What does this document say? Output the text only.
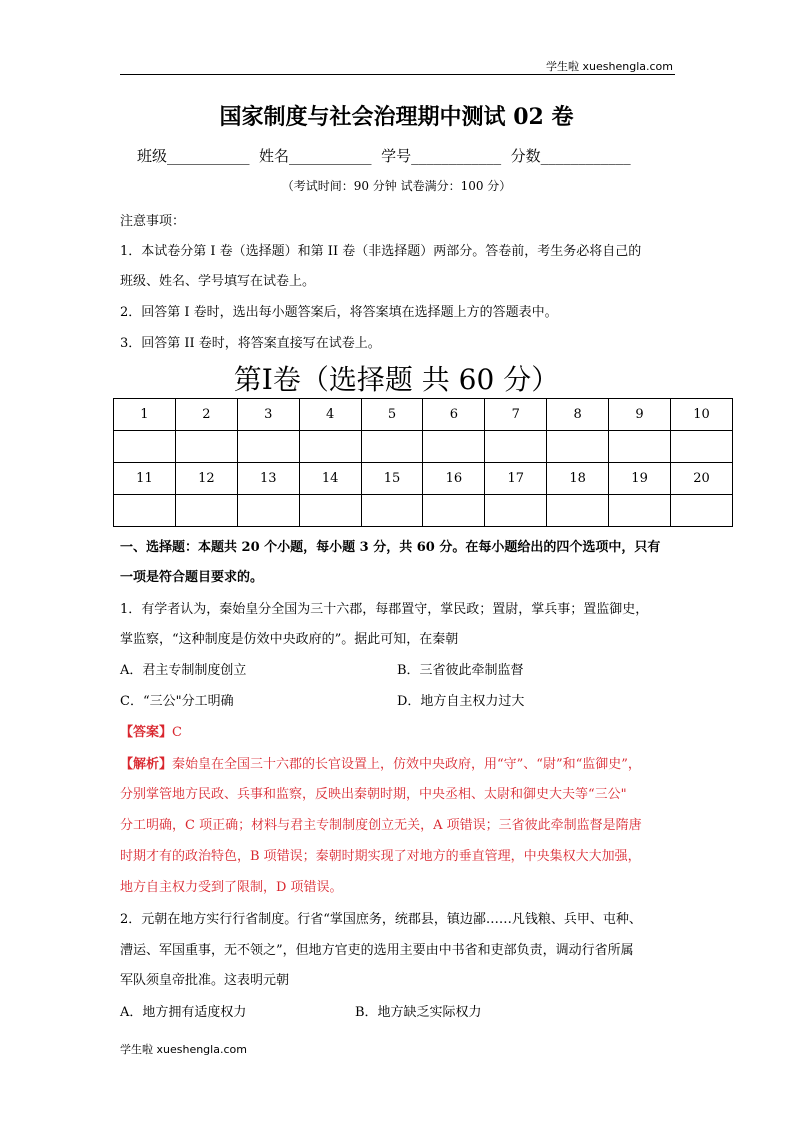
学生啦 xueshengla.com
国家制度与社会治理期中测试 02 卷
班级___________  姓名___________  学号____________  分数____________
（考试时间：90 分钟 试卷满分：100 分）
注意事项：
1．本试卷分第 I 卷（选择题）和第 II 卷（非选择题）两部分。答卷前，考生务必将自己的
班级、姓名、学号填写在试卷上。
2．回答第 I 卷时，选出每小题答案后，将答案填在选择题上方的答题表中。
3．回答第 II 卷时，将答案直接写在试卷上。
第I卷（选择题 共 60 分）
1	2	3	4	5	6	7	8	9	10

11	12	13	14	15	16	17	18	19	20

一、选择题：本题共 20 个小题，每小题 3 分，共 60 分。在每小题给出的四个选项中，只有
一项是符合题目要求的。
1．有学者认为，秦始皇分全国为三十六郡，每郡置守，掌民政；置尉，掌兵事；置监御史，
掌监察，“这种制度是仿效中央政府的”。据此可知，在秦朝
A．君主专制制度创立	B．三省彼此牵制监督
C．“三公"分工明确	D．地方自主权力过大
【答案】C
【解析】秦始皇在全国三十六郡的长官设置上，仿效中央政府，用“守”、“尉”和“监御史”，
分别掌管地方民政、兵事和监察，反映出秦朝时期，中央丞相、太尉和御史大夫等“三公"
分工明确，C 项正确；材料与君主专制制度创立无关，A 项错误；三省彼此牵制监督是隋唐
时期才有的政治特色，B 项错误；秦朝时期实现了对地方的垂直管理，中央集权大大加强，
地方自主权力受到了限制，D 项错误。
2．元朝在地方实行行省制度。行省“掌国庶务，统郡县，镇边鄙……凡钱粮、兵甲、屯种、
漕运、军国重事，无不领之”，但地方官吏的选用主要由中书省和吏部负责，调动行省所属
军队须皇帝批准。这表明元朝
A．地方拥有适度权力	B．地方缺乏实际权力
学生啦 xueshengla.com
